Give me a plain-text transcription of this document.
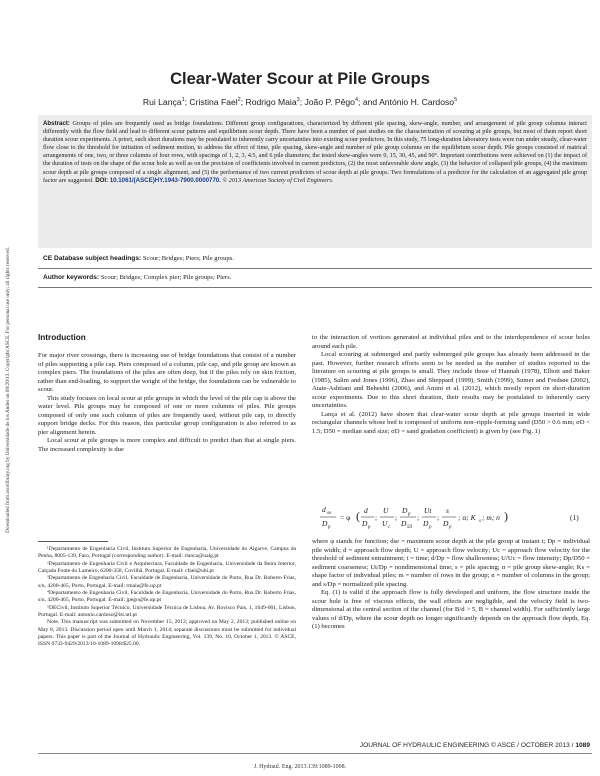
Downloaded from ascelibrary.org by Universidade de los Andes on 09/20/13. Copyright ASCE. For personal use only; all rights reserved.
Clear-Water Scour at Pile Groups
Rui Lança$^1$; Cristina Fael$^2$; Rodrigo Maia$^3$; João P. Pêgo$^4$; and António H. Cardoso$^5$
Abstract: Groups of piles are frequently used as bridge foundations. Different group configurations, characterized by different pile spacing, skew-angle, number, and arrangement of pile group columns interact differently with the flow field and lead to different scour patterns and equilibrium scour depth. There have been a number of past studies on the characterization of scouring at pile groups, but most of them report short duration scour experiments. A priori, such short durations may be postulated to inherently carry uncertainties into existing scour predictors. In this study, 75 long-duration laboratory tests were run under steady, clear-water flow close to the threshold for initiation of sediment motion, to address the effect of time, pile spacing, skew-angle and number of pile group columns on the equilibrium scour depth. Pile groups consisted of matrical arrangements of one, two, or three columns of four rows, with spacings of 1, 2, 3, 4.5, and 6 pile diameters; the tested skew-angles were 0, 15, 30, 45, and 90°. Important contributions were achieved on (1) the impact of the duration of tests on the shape of the scour hole as well as on the precision of coefficients involved in current predictors, (2) the most unfavorable skew angle, (3) the behavior of collapsed pile groups, (4) the maximum scour depth at pile groups composed of a single alignment, and (5) the performance of two current predictors of scour depth at pile groups. Two formulations of a predictor for the calculation of an aggregated pile group factor are suggested. DOI: 10.1061/(ASCE)HY.1943-7900.0000770. © 2013 American Society of Civil Engineers.
CE Database subject headings: Scour; Bridges; Piers; Pile groups.
Author keywords: Scour; Bridges; Complex pier; Pile groups; Piers.
Introduction

For major river crossings, there is increasing use of bridge foundations that consist of a number of piles supporting a pile cap. Piers composed of a column, pile cap, and pile group are known as complex piers. The foundations of the piles are often deep, but if the piles rely on skin friction, rather than end-loading, to support the weight of the bridge, the foundations can be vulnerable to scour.

This study focuses on local scour at pile groups in which the level of the pile cap is above the water level. Pile groups may be composed of one or more columns of piles. Pile groups composed of only one such column of piles are frequently used, without pile cap, to directly support bridge decks. For this reason, this particular group configuration is also referred to as pier alignment herein.

Local scour at pile groups is more complex and difficult to predict than that at single piers. The increased complexity is due

¹Departamento de Engenharia Civil, Instituto Superior de Engenharia, Universidade do Algarve, Campus da Penha, 8005-139, Faro, Portugal (corresponding author). E-mail: rlanca@ualg.pt

²Departamento de Engenharia Civil e Arquitectura, Faculdade de Engenharia, Universidade da Beira Interior, Calçada Fonte do Lameiro, 6200-358, Covilhã, Portugal. E-mail: cfael@ubi.pt

³Departamento de Engenharia Civil, Faculdade de Engenharia, Universidade do Porto, Rua Dr. Roberto Frias, s/n, 4200-465, Porto, Portugal. E-mail: rmaia@fe.up.pt

⁴Departamento de Engenharia Civil, Faculdade de Engenharia, Universidade do Porto, Rua Dr. Roberto Frias, s/n, 4200-465, Porto, Portugal. E-mail: jpego@fe.up.pt

⁵DECivil, Instituto Superior Técnico, Universidade Técnica de Lisboa, Av. Rovisco Pais, 1, 1049-001, Lisbon, Portugal. E-mail: antonio.cardoso@ist.utl.pt

Note. This manuscript was submitted on November 15, 2012; approved on May 2, 2013; published online on May 8, 2013. Discussion period open until March 1, 2014; separate discussions must be submitted for individual papers. This paper is part of the Journal of Hydraulic Engineering, Vol. 139, No. 10, October 1, 2013. © ASCE, ISSN 0733-9429/2013/10-1089-1098/$25.00.

to the interaction of vortices generated at individual piles and to the interdependence of scour holes around each pile.

Local scouring at submerged and partly submerged pile groups has already been addressed in the past. However, further research efforts seem to be needed as the number of studies reported in the literature on scouring at pile groups is small. They include those of Hannah (1978), Elliott and Baker (1985), Salim and Jones (1996), Zhao and Sheppard (1999), Smith (1999), Sumer and Fredsøe (2002), Ataie-Ashtiani and Beheshti (2006), and Amini et al. (2012), which mostly report on short-duration scour experiments. Due to this short duration, their results may be postulated to inherently carry uncertainties.

Lança et al. (2012) have shown that clear-water scour depth at pile groups inserted in wide rectangular channels whose bed is composed of uniform non–ripple-forming sand (D50 > 0.6 mm; σD < 1.5; D50 = median sand size; σD = sand gradation coefficient) is given by (see Fig. 1)

d se
D p
= φ ( d
D p
;
U
U c
;
D p
D 50
;
Ut
D p
;
s
D p
; α; K s ; m; n )	(1)

where φ stands for function; dse = maximum scour depth at the pile group at instant t; Dp = individual pile width; d = approach flow depth; U = approach flow velocity; Uc = approach flow velocity for the threshold of sediment entrainment; t = time; d/Dp = flow shallowness; U/Uc = flow intensity; Dp/D50 = sediment coarseness; Ut/Dp = nondimensional time; s = pile spacing; α = pile group skew-angle; Ks = shape factor of individual piles; m = number of rows in the group; n = number of columns in the group; and s/Dp = normalized pile spacing.

Eq. (1) is valid if the approach flow is fully developed and uniform, the flow structure inside the scour hole is free of viscous effects, the wall effects are negligible, and the velocity field is two-dimensional at the central section of the channel (for B/d > 5, B = channel width). For sufficiently large values of d/Dp, where the scour depth no longer significantly depends on the approach flow depth, Eq. (1) becomes

JOURNAL OF HYDRAULIC ENGINEERING © ASCE / OCTOBER 2013 / 1089
J. Hydraul. Eng. 2013.139:1089-1098.
